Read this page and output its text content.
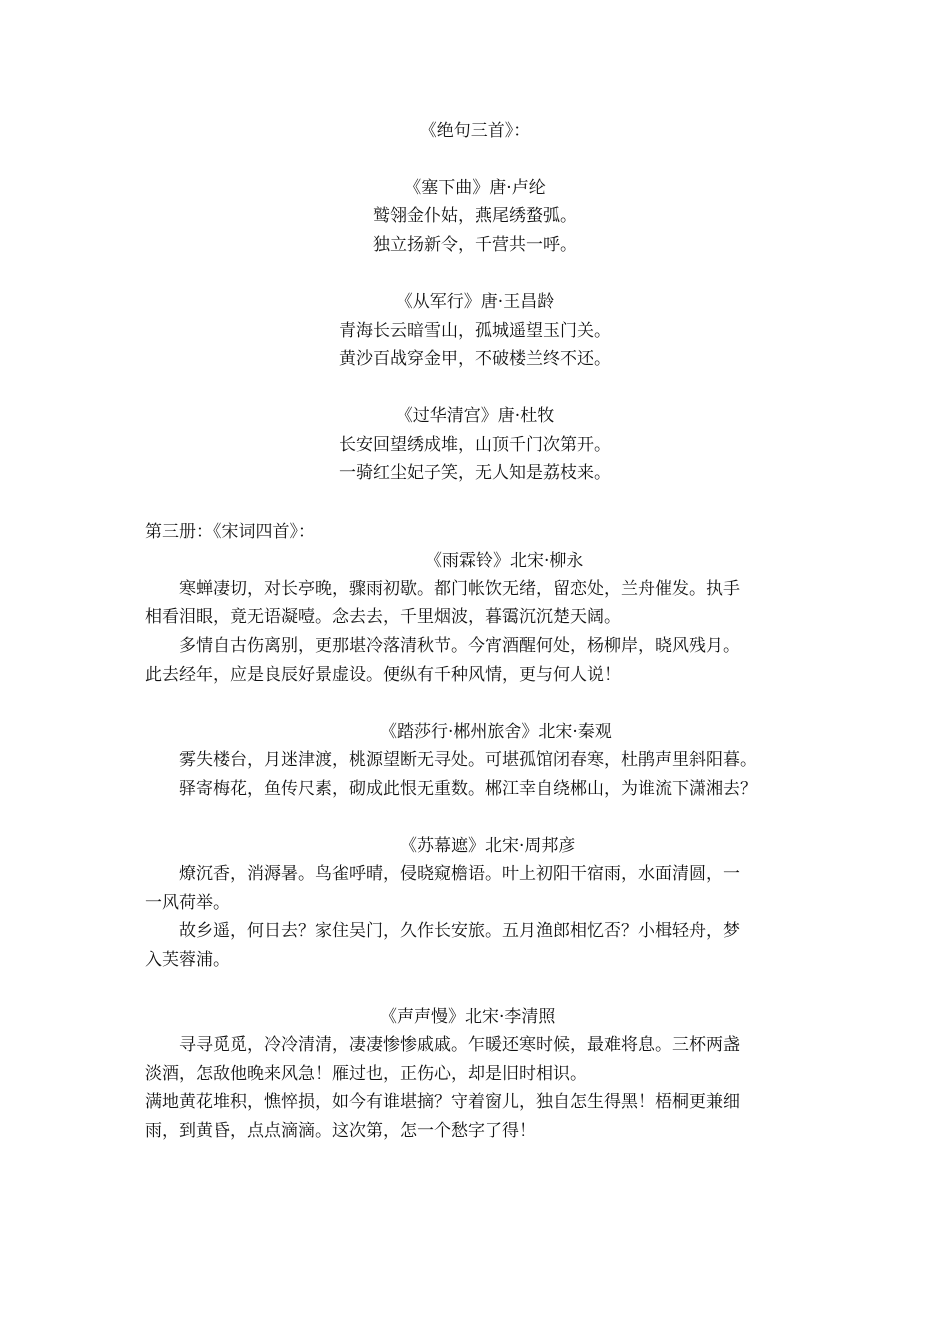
《绝句三首》：
《塞下曲》唐·卢纶
鹫翎金仆姑，燕尾绣蝥弧。
独立扬新令，千营共一呼。
《从军行》唐·王昌龄
青海长云暗雪山，孤城遥望玉门关。
黄沙百战穿金甲，不破楼兰终不还。
《过华清宫》唐·杜牧
长安回望绣成堆，山顶千门次第开。
一骑红尘妃子笑，无人知是荔枝来。
第三册：《宋词四首》：
《雨霖铃》北宋·柳永
寒蝉凄切，对长亭晚，骤雨初歇。都门帐饮无绪，留恋处，兰舟催发。执手
相看泪眼，竟无语凝噎。念去去，千里烟波，暮霭沉沉楚天阔。
多情自古伤离别，更那堪冷落清秋节。今宵酒醒何处，杨柳岸，晓风残月。
此去经年，应是良辰好景虚设。便纵有千种风情，更与何人说！
《踏莎行·郴州旅舍》北宋·秦观
雾失楼台，月迷津渡，桃源望断无寻处。可堪孤馆闭春寒，杜鹃声里斜阳暮。
驿寄梅花，鱼传尺素，砌成此恨无重数。郴江幸自绕郴山，为谁流下潇湘去？
《苏幕遮》北宋·周邦彦
燎沉香，消溽暑。鸟雀呼晴，侵晓窥檐语。叶上初阳干宿雨，水面清圆，一
一风荷举。
故乡遥，何日去？家住吴门，久作长安旅。五月渔郎相忆否？小楫轻舟，梦
入芙蓉浦。
《声声慢》北宋·李清照
寻寻觅觅，冷冷清清，凄凄惨惨戚戚。乍暖还寒时候，最难将息。三杯两盏
淡酒，怎敌他晚来风急！雁过也，正伤心，却是旧时相识。
满地黄花堆积，憔悴损，如今有谁堪摘？守着窗儿，独自怎生得黑！梧桐更兼细
雨，到黄昏，点点滴滴。这次第，怎一个愁字了得！
